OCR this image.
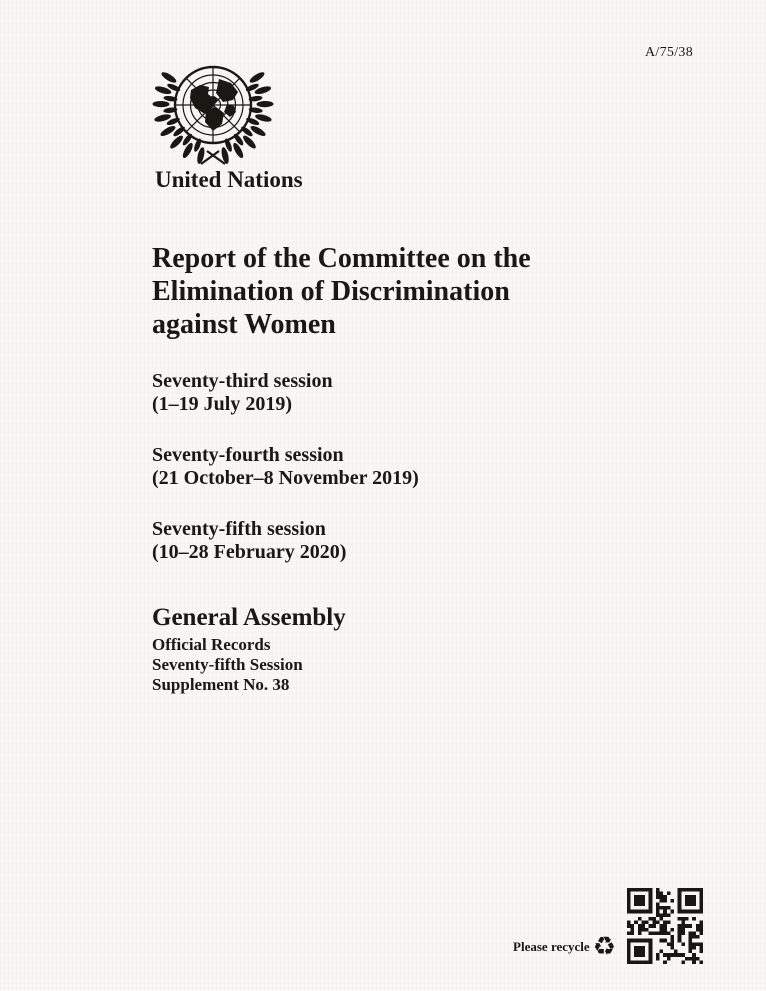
A/75/38
United Nations
Report of the Committee on the
Elimination of Discrimination
against Women
Seventy-third session
(1–19 July 2019)
Seventy-fourth session
(21 October–8 November 2019)
Seventy-fifth session
(10–28 February 2020)
General Assembly
Official Records
Seventy-fifth Session
Supplement No. 38
Please recycle ♻
